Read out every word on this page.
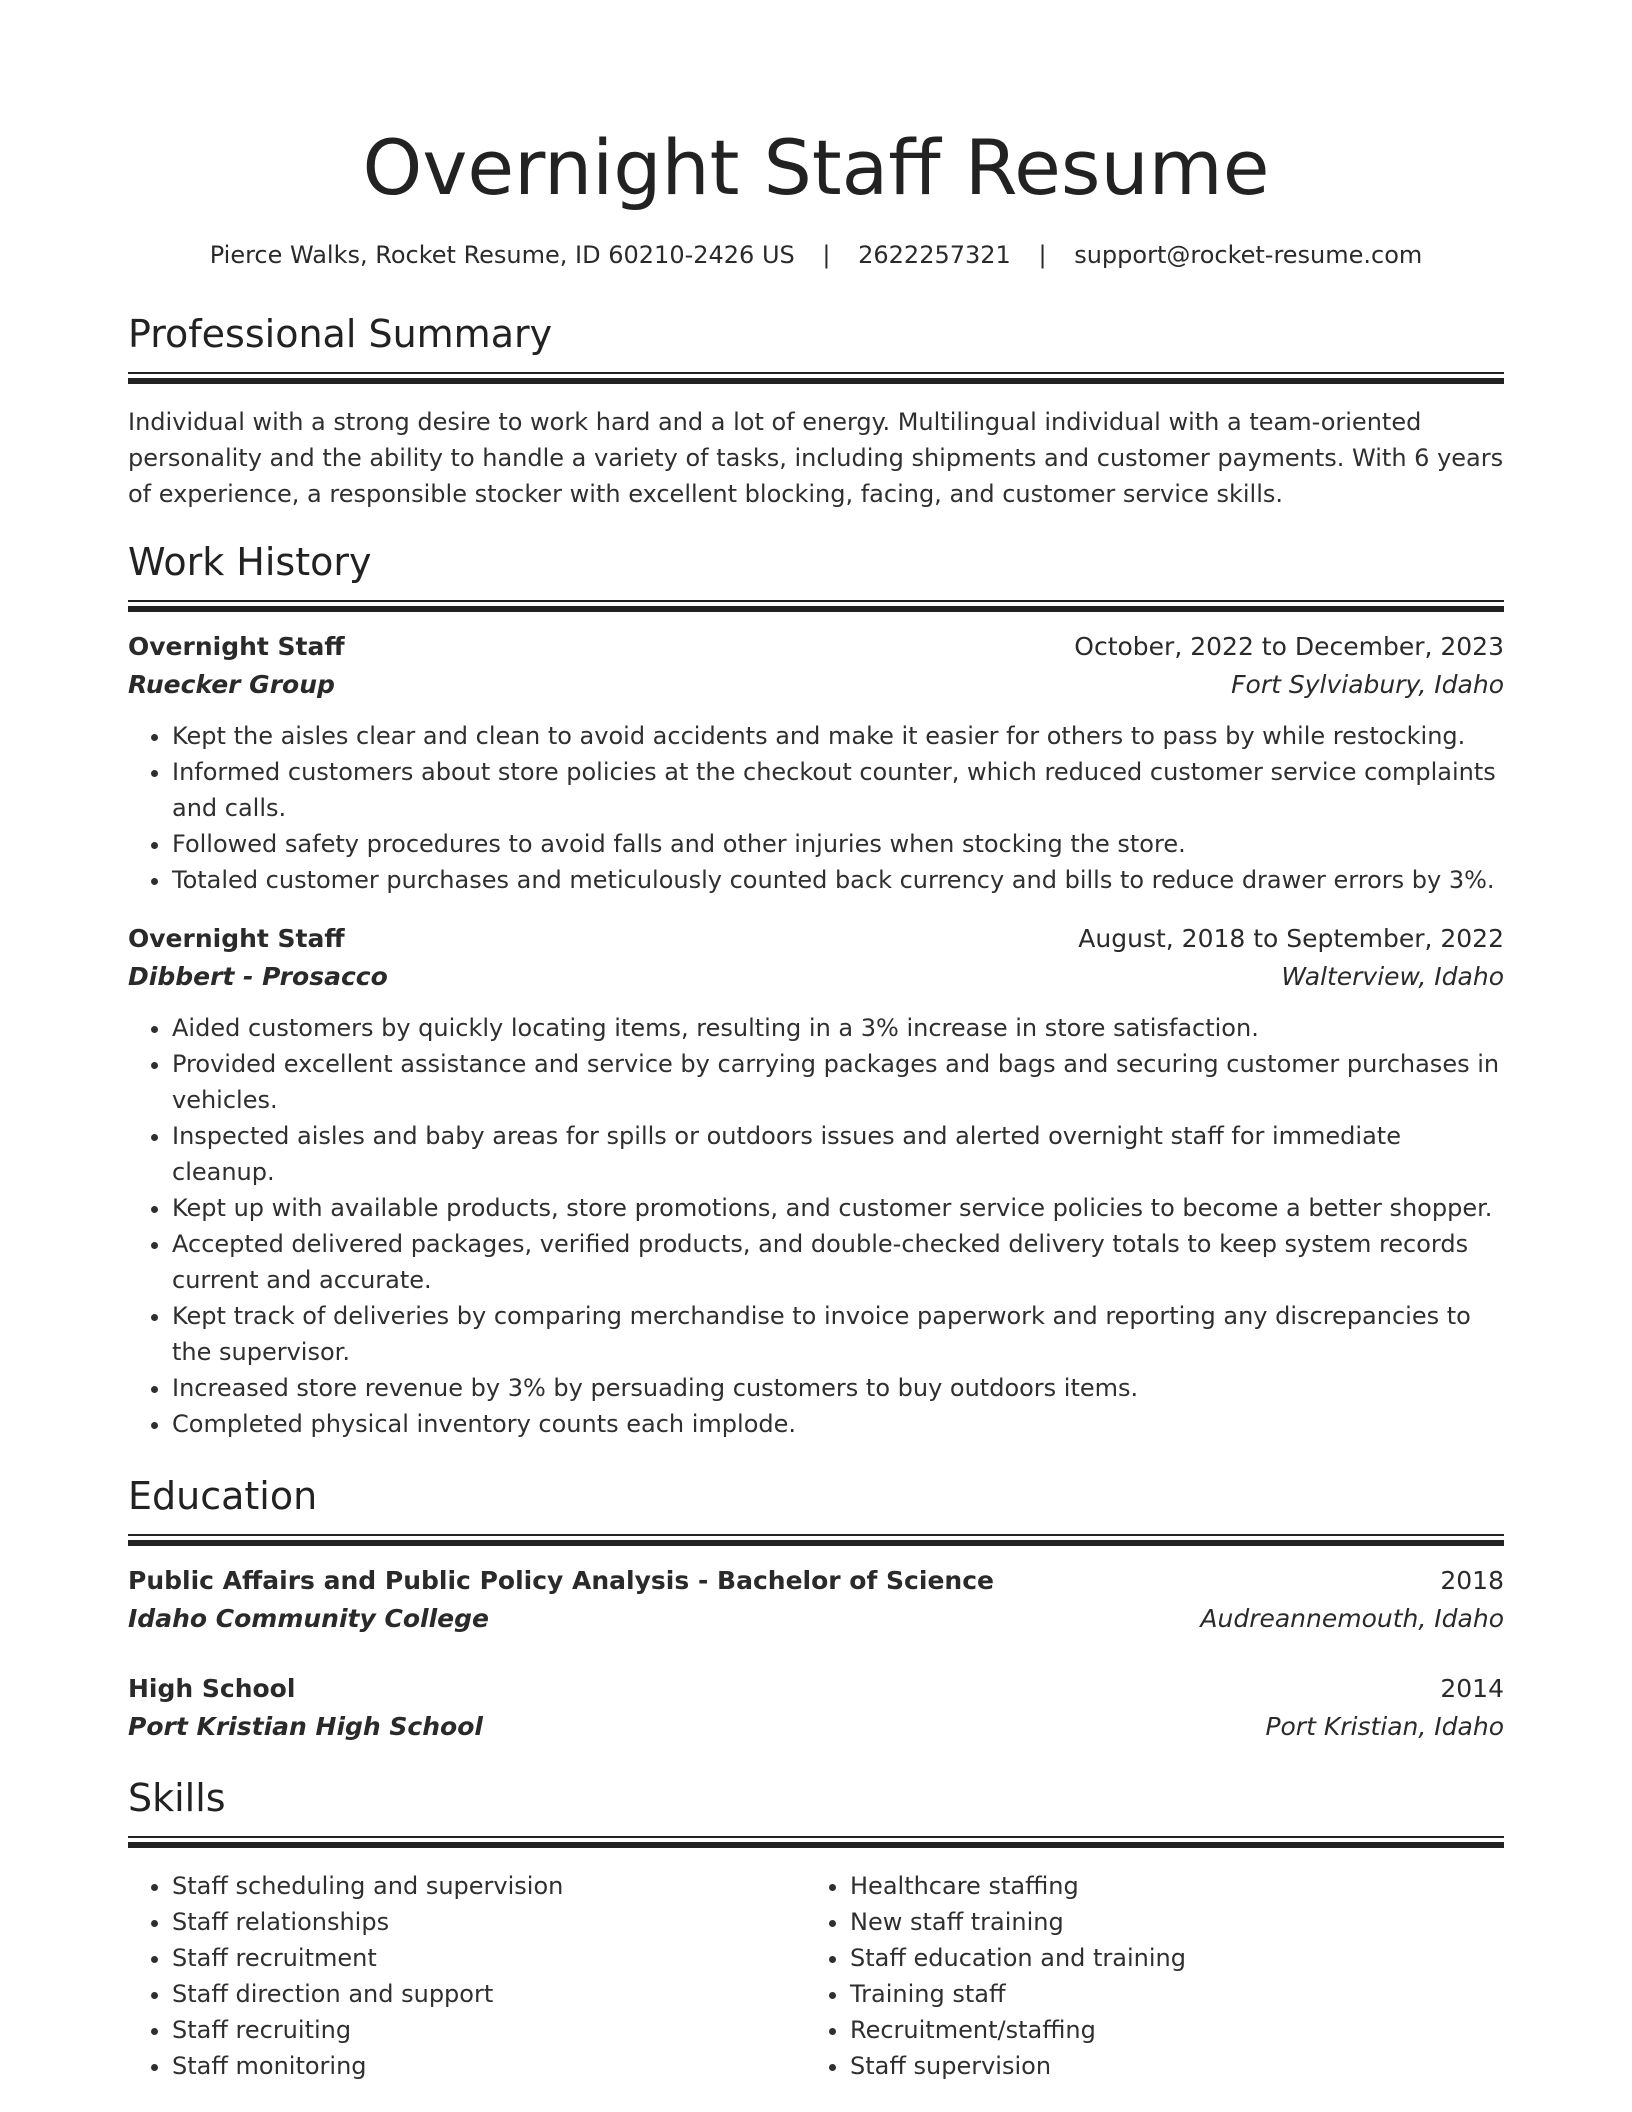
Overnight Staff Resume
Pierce Walks, Rocket Resume, ID 60210-2426 US | 2622257321 | support@rocket-resume.com
Professional Summary
Individual with a strong desire to work hard and a lot of energy. Multilingual individual with a team-oriented personality and the ability to handle a variety of tasks, including shipments and customer payments. With 6 years of experience, a responsible stocker with excellent blocking, facing, and customer service skills.
Work History
Overnight Staff	October, 2022 to December, 2023
Ruecker Group	Fort Sylviabury, Idaho
• Kept the aisles clear and clean to avoid accidents and make it easier for others to pass by while restocking.
• Informed customers about store policies at the checkout counter, which reduced customer service complaints and calls.
• Followed safety procedures to avoid falls and other injuries when stocking the store.
• Totaled customer purchases and meticulously counted back currency and bills to reduce drawer errors by 3%.
Overnight Staff	August, 2018 to September, 2022
Dibbert - Prosacco	Walterview, Idaho
• Aided customers by quickly locating items, resulting in a 3% increase in store satisfaction.
• Provided excellent assistance and service by carrying packages and bags and securing customer purchases in vehicles.
• Inspected aisles and baby areas for spills or outdoors issues and alerted overnight staff for immediate cleanup.
• Kept up with available products, store promotions, and customer service policies to become a better shopper.
• Accepted delivered packages, verified products, and double-checked delivery totals to keep system records current and accurate.
• Kept track of deliveries by comparing merchandise to invoice paperwork and reporting any discrepancies to the supervisor.
• Increased store revenue by 3% by persuading customers to buy outdoors items.
• Completed physical inventory counts each implode.
Education
Public Affairs and Public Policy Analysis - Bachelor of Science	2018
Idaho Community College	Audreannemouth, Idaho
High School	2014
Port Kristian High School	Port Kristian, Idaho
Skills
• Staff scheduling and supervision
• Staff relationships
• Staff recruitment
• Staff direction and support
• Staff recruiting
• Staff monitoring
• Healthcare staffing
• New staff training
• Staff education and training
• Training staff
• Recruitment/staffing
• Staff supervision
